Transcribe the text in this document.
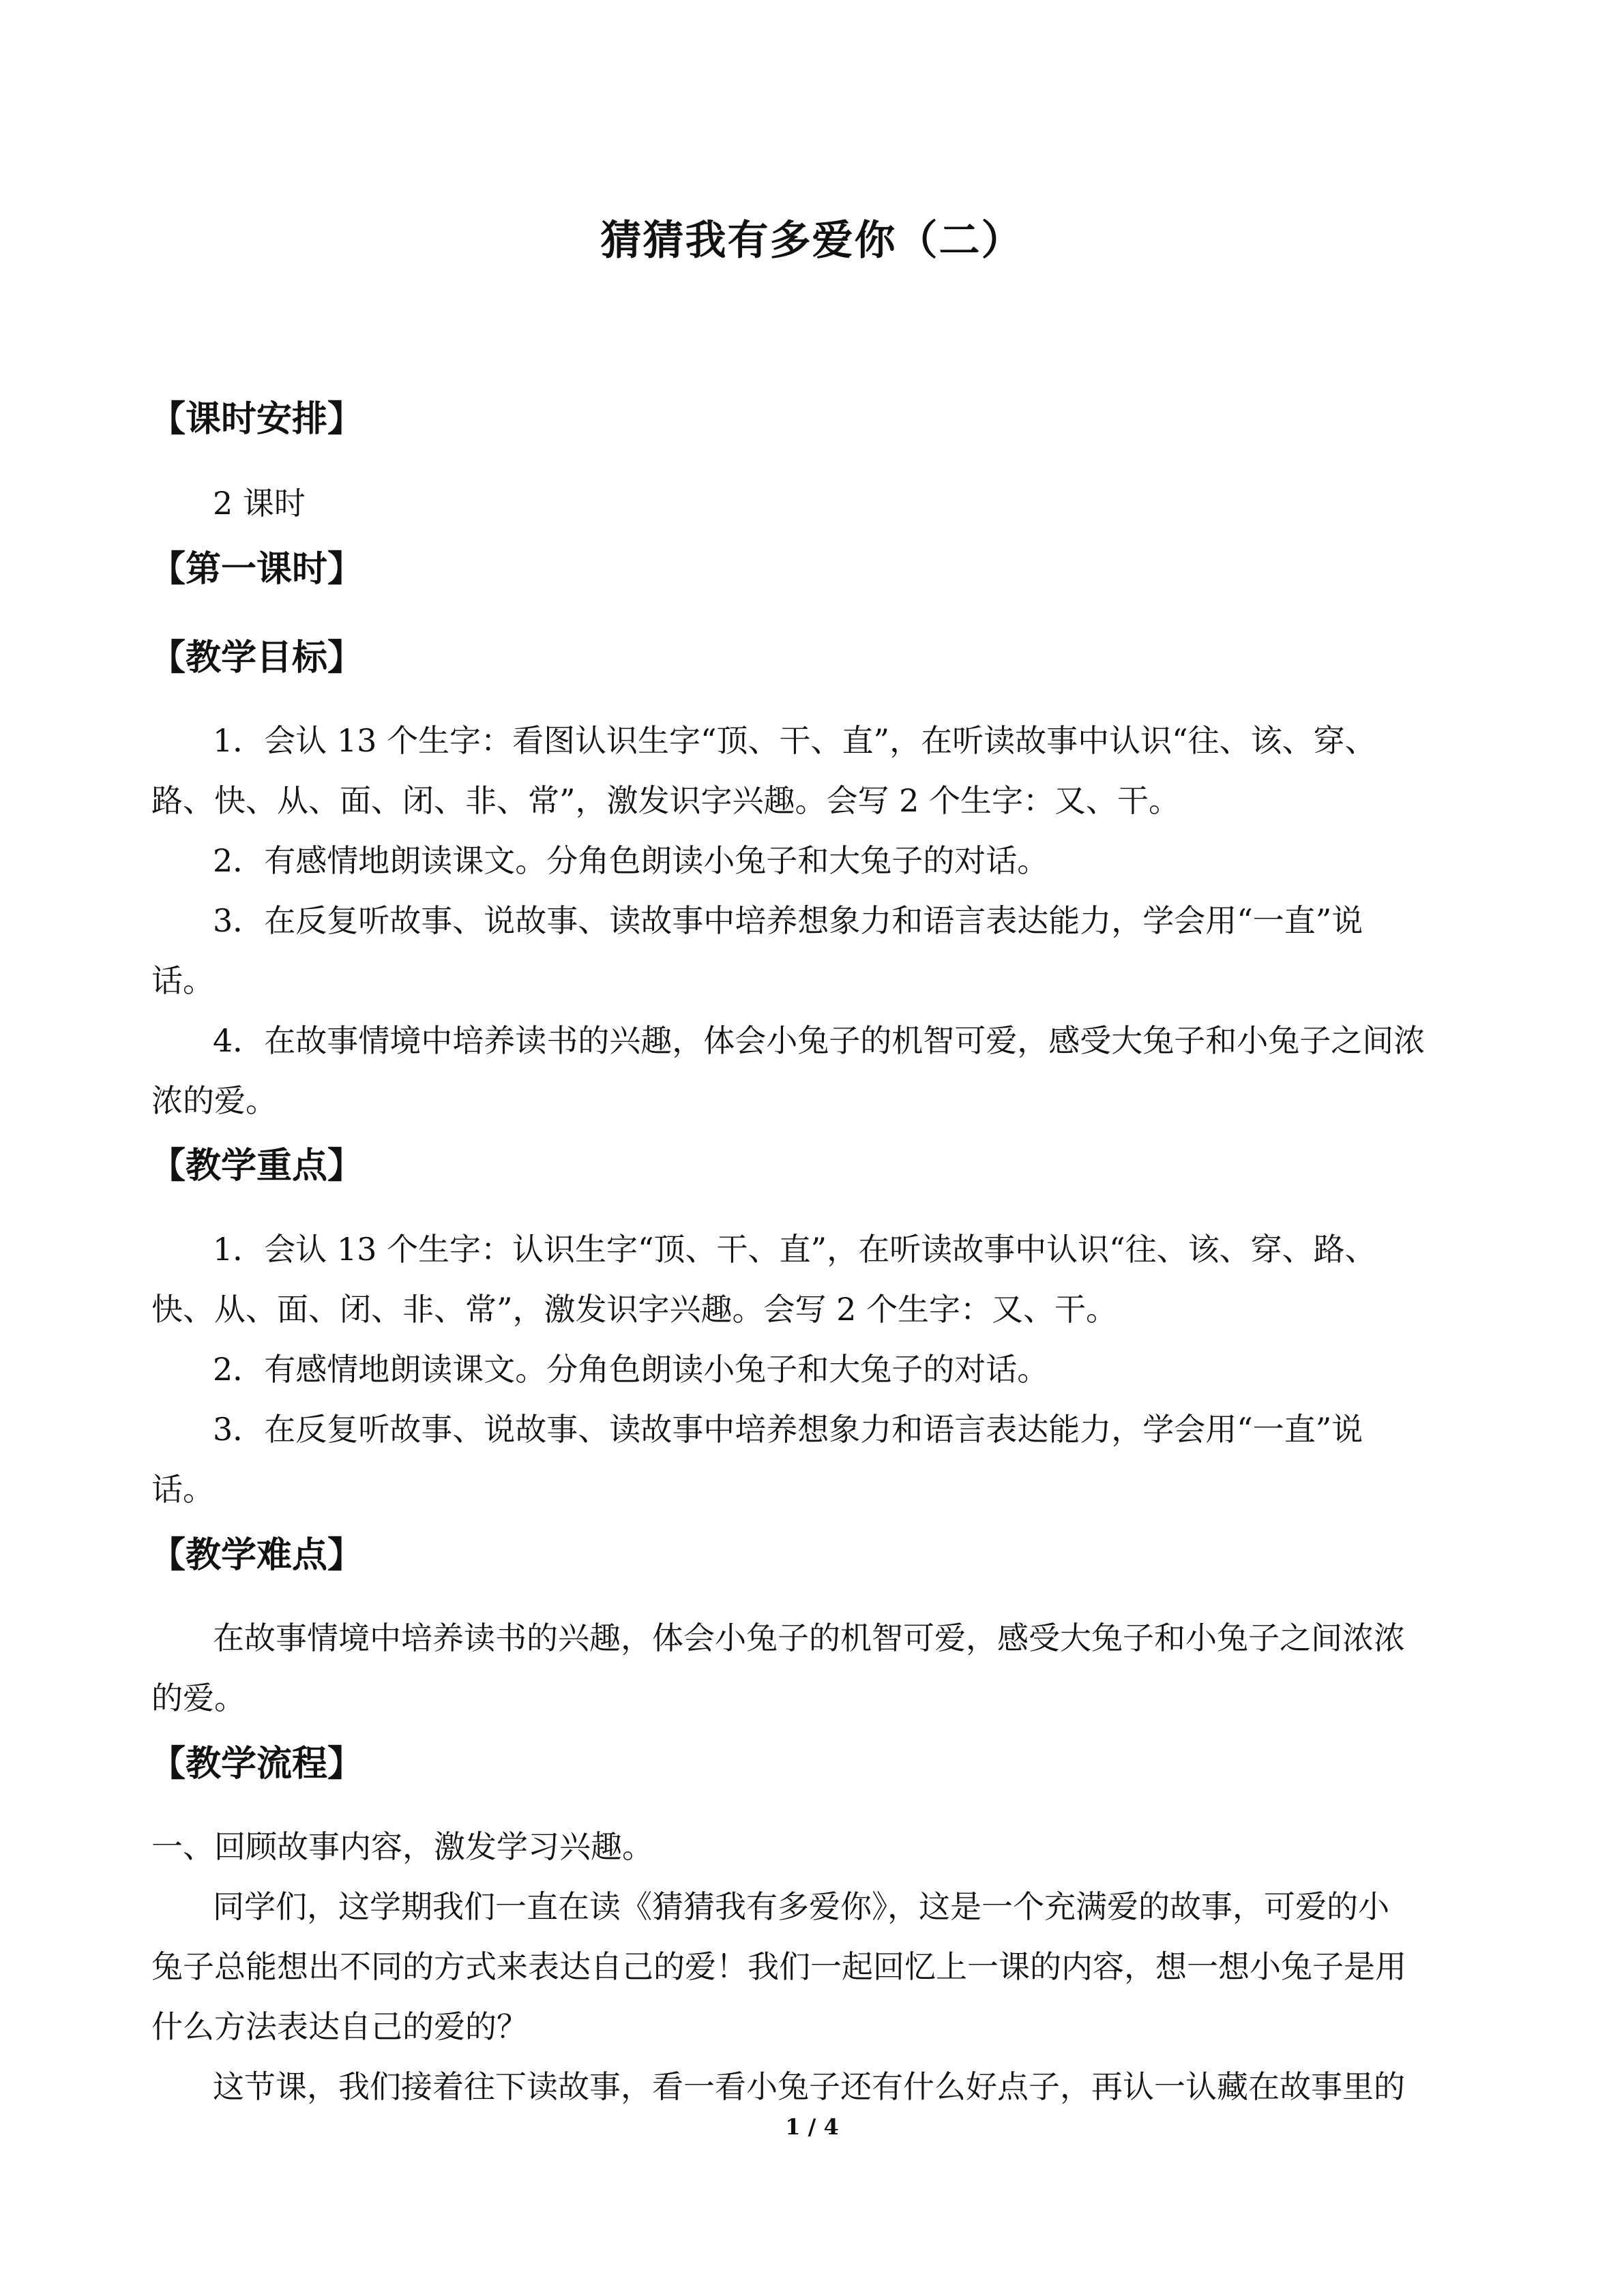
猜猜我有多爱你（二）
【课时安排】
2 课时
【第一课时】
【教学目标】
1．会认 13 个生字：看图认识生字“顶、干、直”，在听读故事中认识“往、该、穿、
路、快、从、面、闭、非、常”，激发识字兴趣。会写 2 个生字：又、干。
2．有感情地朗读课文。分角色朗读小兔子和大兔子的对话。
3．在反复听故事、说故事、读故事中培养想象力和语言表达能力，学会用“一直”说
话。
4．在故事情境中培养读书的兴趣，体会小兔子的机智可爱，感受大兔子和小兔子之间浓
浓的爱。
【教学重点】
1．会认 13 个生字：认识生字“顶、干、直”，在听读故事中认识“往、该、穿、路、
快、从、面、闭、非、常”，激发识字兴趣。会写 2 个生字：又、干。
2．有感情地朗读课文。分角色朗读小兔子和大兔子的对话。
3．在反复听故事、说故事、读故事中培养想象力和语言表达能力，学会用“一直”说
话。
【教学难点】
在故事情境中培养读书的兴趣，体会小兔子的机智可爱，感受大兔子和小兔子之间浓浓
的爱。
【教学流程】
一、回顾故事内容，激发学习兴趣。
同学们，这学期我们一直在读《猜猜我有多爱你》，这是一个充满爱的故事，可爱的小
兔子总能想出不同的方式来表达自己的爱！我们一起回忆上一课的内容，想一想小兔子是用
什么方法表达自己的爱的？
这节课，我们接着往下读故事，看一看小兔子还有什么好点子，再认一认藏在故事里的
1 / 4
